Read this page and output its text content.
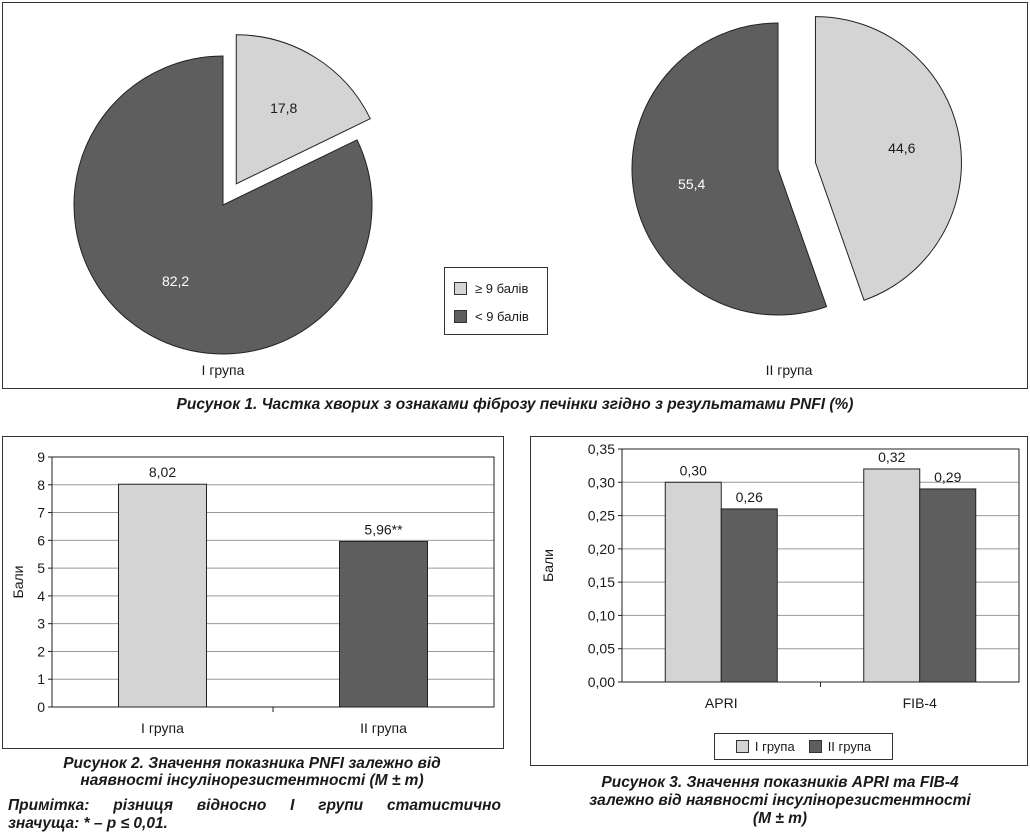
17,8
82,2
44,6
55,4
I група	II група
≥ 9 балів
< 9 балів
Рисунок 1. Частка хворих з ознаками фіброзу печінки згідно з результатами PNFI (%)
0
1
2
3
4
5
6
7
8
9
Бали
I група
8,02
II група
5,96**
Рисунок 2. Значення показника PNFI залежно від
наявності інсулінорезистентності (M ± m)
Примітка: різниця відносно I групи статистично
значуща: * – p ≤ 0,01.
0,00
0,05
0,10
0,15
0,20
0,25
0,30
0,35
Бали
APRI
0,30
0,26
FIB-4
0,32
0,29
I група	II група
Рисунок 3. Значення показників APRI та FIB-4
залежно від наявності інсулінорезистентності
(M ± m)
